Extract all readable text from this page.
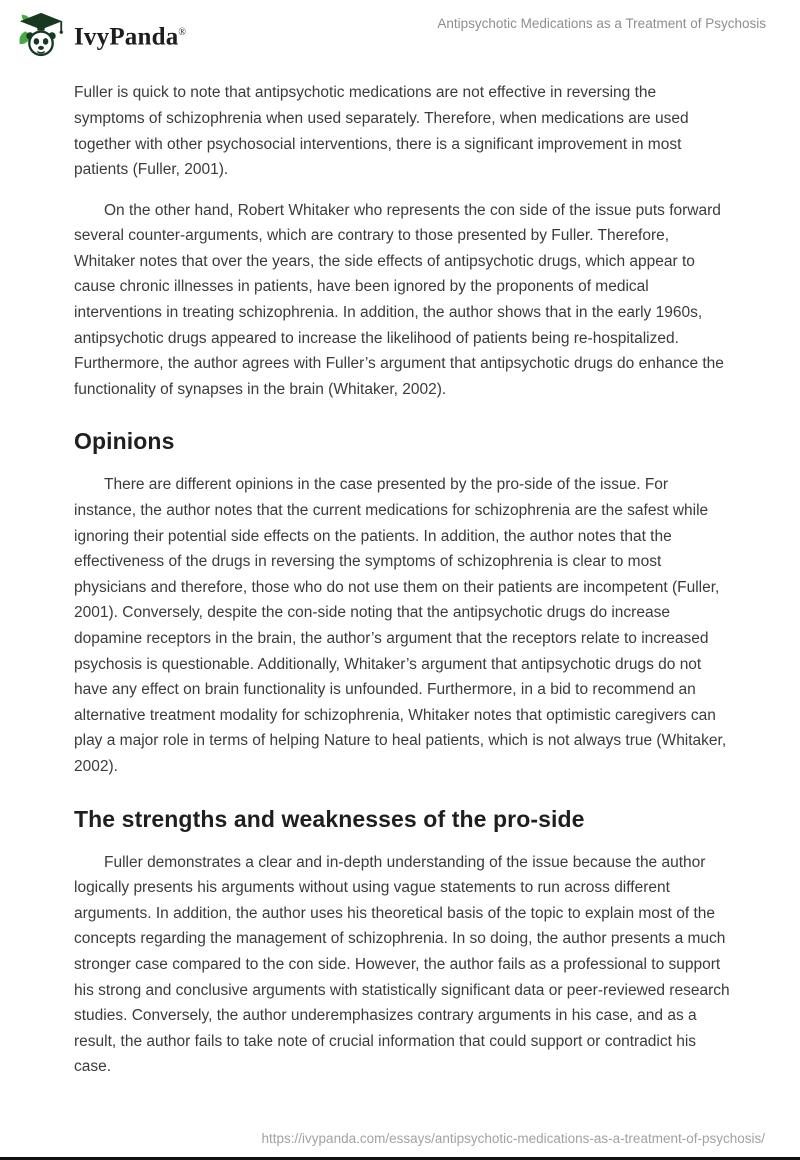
IvyPanda®
Antipsychotic Medications as a Treatment of Psychosis

Fuller is quick to note that antipsychotic medications are not effective in reversing the symptoms of schizophrenia when used separately. Therefore, when medications are used together with other psychosocial interventions, there is a significant improvement in most patients (Fuller, 2001).

On the other hand, Robert Whitaker who represents the con side of the issue puts forward several counter-arguments, which are contrary to those presented by Fuller. Therefore, Whitaker notes that over the years, the side effects of antipsychotic drugs, which appear to cause chronic illnesses in patients, have been ignored by the proponents of medical interventions in treating schizophrenia. In addition, the author shows that in the early 1960s, antipsychotic drugs appeared to increase the likelihood of patients being re-hospitalized. Furthermore, the author agrees with Fuller’s argument that antipsychotic drugs do enhance the functionality of synapses in the brain (Whitaker, 2002).

Opinions

There are different opinions in the case presented by the pro-side of the issue. For instance, the author notes that the current medications for schizophrenia are the safest while ignoring their potential side effects on the patients. In addition, the author notes that the effectiveness of the drugs in reversing the symptoms of schizophrenia is clear to most physicians and therefore, those who do not use them on their patients are incompetent (Fuller, 2001). Conversely, despite the con-side noting that the antipsychotic drugs do increase dopamine receptors in the brain, the author’s argument that the receptors relate to increased psychosis is questionable. Additionally, Whitaker’s argument that antipsychotic drugs do not have any effect on brain functionality is unfounded. Furthermore, in a bid to recommend an alternative treatment modality for schizophrenia, Whitaker notes that optimistic caregivers can play a major role in terms of helping Nature to heal patients, which is not always true (Whitaker, 2002).

The strengths and weaknesses of the pro-side

Fuller demonstrates a clear and in-depth understanding of the issue because the author logically presents his arguments without using vague statements to run across different arguments. In addition, the author uses his theoretical basis of the topic to explain most of the concepts regarding the management of schizophrenia. In so doing, the author presents a much stronger case compared to the con side. However, the author fails as a professional to support his strong and conclusive arguments with statistically significant data or peer-reviewed research studies. Conversely, the author underemphasizes contrary arguments in his case, and as a result, the author fails to take note of crucial information that could support or contradict his case.

https://ivypanda.com/essays/antipsychotic-medications-as-a-treatment-of-psychosis/
